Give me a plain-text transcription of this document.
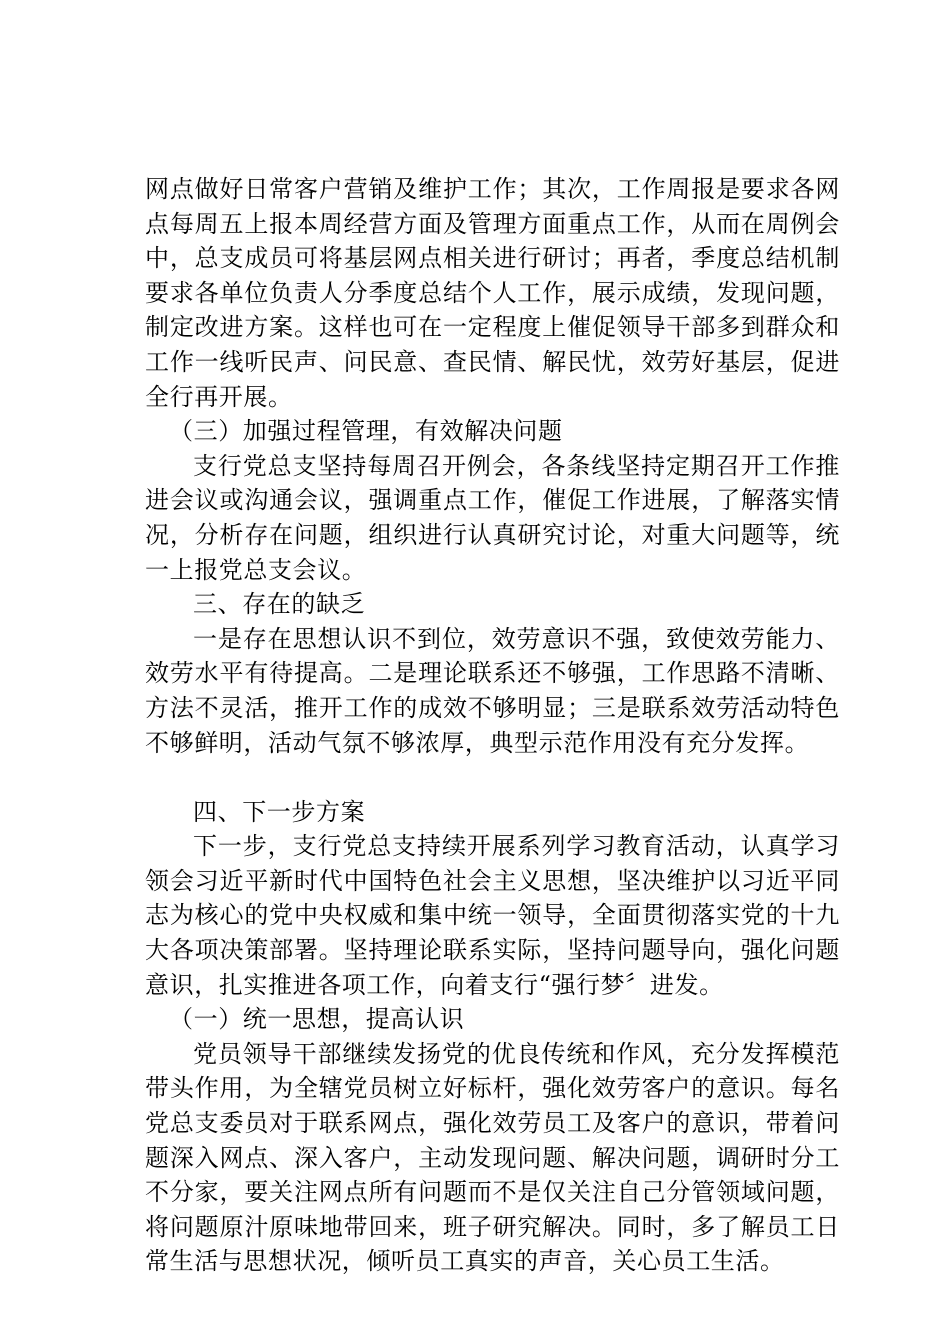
网点做好日常客户营销及维护工作；其次，工作周报是要求各网点每周五上报本周经营方面及管理方面重点工作，从而在周例会中，总支成员可将基层网点相关进行研讨；再者，季度总结机制要求各单位负责人分季度总结个人工作，展示成绩，发现问题，制定改进方案。这样也可在一定程度上催促领导干部多到群众和工作一线听民声、问民意、查民情、解民忧，效劳好基层，促进全行再开展。

（三）加强过程管理，有效解决问题

支行党总支坚持每周召开例会，各条线坚持定期召开工作推进会议或沟通会议，强调重点工作，催促工作进展，了解落实情况，分析存在问题，组织进行认真研究讨论，对重大问题等，统一上报党总支会议。

三、存在的缺乏

一是存在思想认识不到位，效劳意识不强，致使效劳能力、效劳水平有待提高。二是理论联系还不够强，工作思路不清晰、方法不灵活，推开工作的成效不够明显；三是联系效劳活动特色不够鲜明，活动气氛不够浓厚，典型示范作用没有充分发挥。

四、下一步方案

下一步，支行党总支持续开展系列学习教育活动，认真学习领会习近平新时代中国特色社会主义思想，坚决维护以习近平同志为核心的党中央权威和集中统一领导，全面贯彻落实党的十九大各项决策部署。坚持理论联系实际，坚持问题导向，强化问题意识，扎实推进各项工作，向着支行“强行梦〞进发。

（一）统一思想，提高认识

党员领导干部继续发扬党的优良传统和作风，充分发挥模范带头作用，为全辖党员树立好标杆，强化效劳客户的意识。每名党总支委员对于联系网点，强化效劳员工及客户的意识，带着问题深入网点、深入客户，主动发现问题、解决问题，调研时分工不分家，要关注网点所有问题而不是仅关注自己分管领域问题，将问题原汁原味地带回来，班子研究解决。同时，多了解员工日常生活与思想状况，倾听员工真实的声音，关心员工生活。
